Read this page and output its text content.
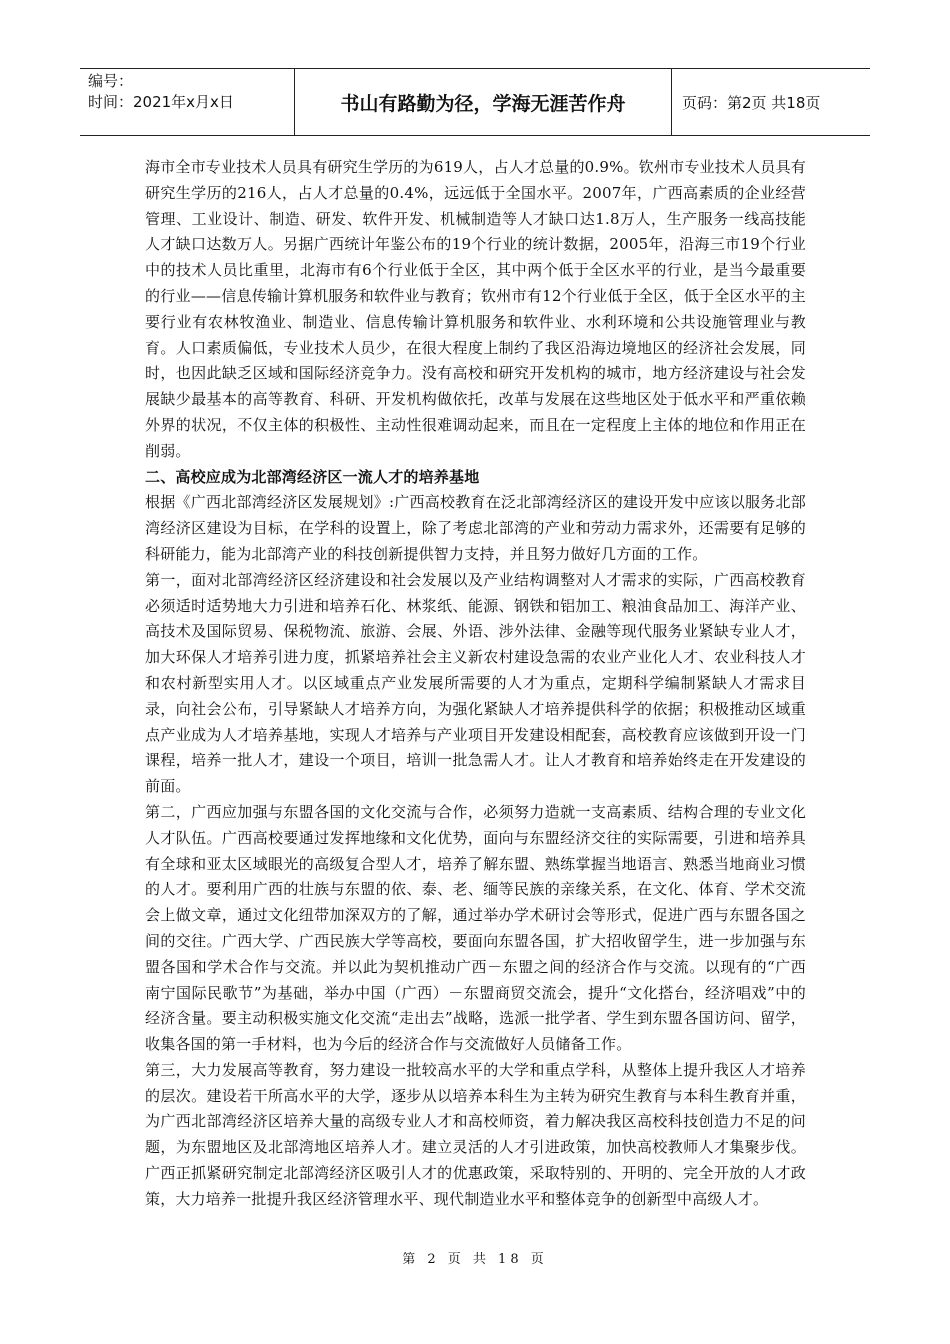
编号：
时间：2021年x月x日	书山有路勤为径，学海无涯苦作舟	页码：第2页 共18页

海市全市专业技术人员具有研究生学历的为619人，占人才总量的0.9%。钦州市专业技术人员具有研究生学历的216人，占人才总量的0.4%，远远低于全国水平。2007年，广西高素质的企业经营管理、工业设计、制造、研发、软件开发、机械制造等人才缺口达1.8万人，生产服务一线高技能人才缺口达数万人。另据广西统计年鉴公布的19个行业的统计数据，2005年，沿海三市19个行业中的技术人员比重里，北海市有6个行业低于全区，其中两个低于全区水平的行业，是当今最重要的行业——信息传输计算机服务和软件业与教育；钦州市有12个行业低于全区，低于全区水平的主要行业有农林牧渔业、制造业、信息传输计算机服务和软件业、水利环境和公共设施管理业与教育。人口素质偏低，专业技术人员少，在很大程度上制约了我区沿海边境地区的经济社会发展，同时，也因此缺乏区域和国际经济竞争力。没有高校和研究开发机构的城市，地方经济建设与社会发展缺少最基本的高等教育、科研、开发机构做依托，改革与发展在这些地区处于低水平和严重依赖外界的状况，不仅主体的积极性、主动性很难调动起来，而且在一定程度上主体的地位和作用正在削弱。

二、高校应成为北部湾经济区一流人才的培养基地

根据《广西北部湾经济区发展规划》:广西高校教育在泛北部湾经济区的建设开发中应该以服务北部湾经济区建设为目标，在学科的设置上，除了考虑北部湾的产业和劳动力需求外，还需要有足够的科研能力，能为北部湾产业的科技创新提供智力支持，并且努力做好几方面的工作。

第一，面对北部湾经济区经济建设和社会发展以及产业结构调整对人才需求的实际，广西高校教育必须适时适势地大力引进和培养石化、林浆纸、能源、钢铁和铝加工、粮油食品加工、海洋产业、高技术及国际贸易、保税物流、旅游、会展、外语、涉外法律、金融等现代服务业紧缺专业人才，加大环保人才培养引进力度，抓紧培养社会主义新农村建设急需的农业产业化人才、农业科技人才和农村新型实用人才。以区域重点产业发展所需要的人才为重点，定期科学编制紧缺人才需求目录，向社会公布，引导紧缺人才培养方向，为强化紧缺人才培养提供科学的依据；积极推动区域重点产业成为人才培养基地，实现人才培养与产业项目开发建设相配套，高校教育应该做到开设一门课程，培养一批人才，建设一个项目，培训一批急需人才。让人才教育和培养始终走在开发建设的前面。

第二，广西应加强与东盟各国的文化交流与合作，必须努力造就一支高素质、结构合理的专业文化人才队伍。广西高校要通过发挥地缘和文化优势，面向与东盟经济交往的实际需要，引进和培养具有全球和亚太区域眼光的高级复合型人才，培养了解东盟、熟练掌握当地语言、熟悉当地商业习惯的人才。要利用广西的壮族与东盟的依、泰、老、缅等民族的亲缘关系，在文化、体育、学术交流会上做文章，通过文化纽带加深双方的了解，通过举办学术研讨会等形式，促进广西与东盟各国之间的交往。广西大学、广西民族大学等高校，要面向东盟各国，扩大招收留学生，进一步加强与东盟各国和学术合作与交流。并以此为契机推动广西－东盟之间的经济合作与交流。以现有的“广西南宁国际民歌节”为基础，举办中国（广西）－东盟商贸交流会，提升“文化搭台，经济唱戏”中的经济含量。要主动积极实施文化交流“走出去”战略，选派一批学者、学生到东盟各国访问、留学，收集各国的第一手材料，也为今后的经济合作与交流做好人员储备工作。

第三，大力发展高等教育，努力建设一批较高水平的大学和重点学科，从整体上提升我区人才培养的层次。建设若干所高水平的大学，逐步从以培养本科生为主转为研究生教育与本科生教育并重，为广西北部湾经济区培养大量的高级专业人才和高校师资，着力解决我区高校科技创造力不足的问题，为东盟地区及北部湾地区培养人才。建立灵活的人才引进政策，加快高校教师人才集聚步伐。广西正抓紧研究制定北部湾经济区吸引人才的优惠政策，采取特别的、开明的、完全开放的人才政策，大力培养一批提升我区经济管理水平、现代制造业水平和整体竞争的创新型中高级人才。

第 2 页 共 18 页
